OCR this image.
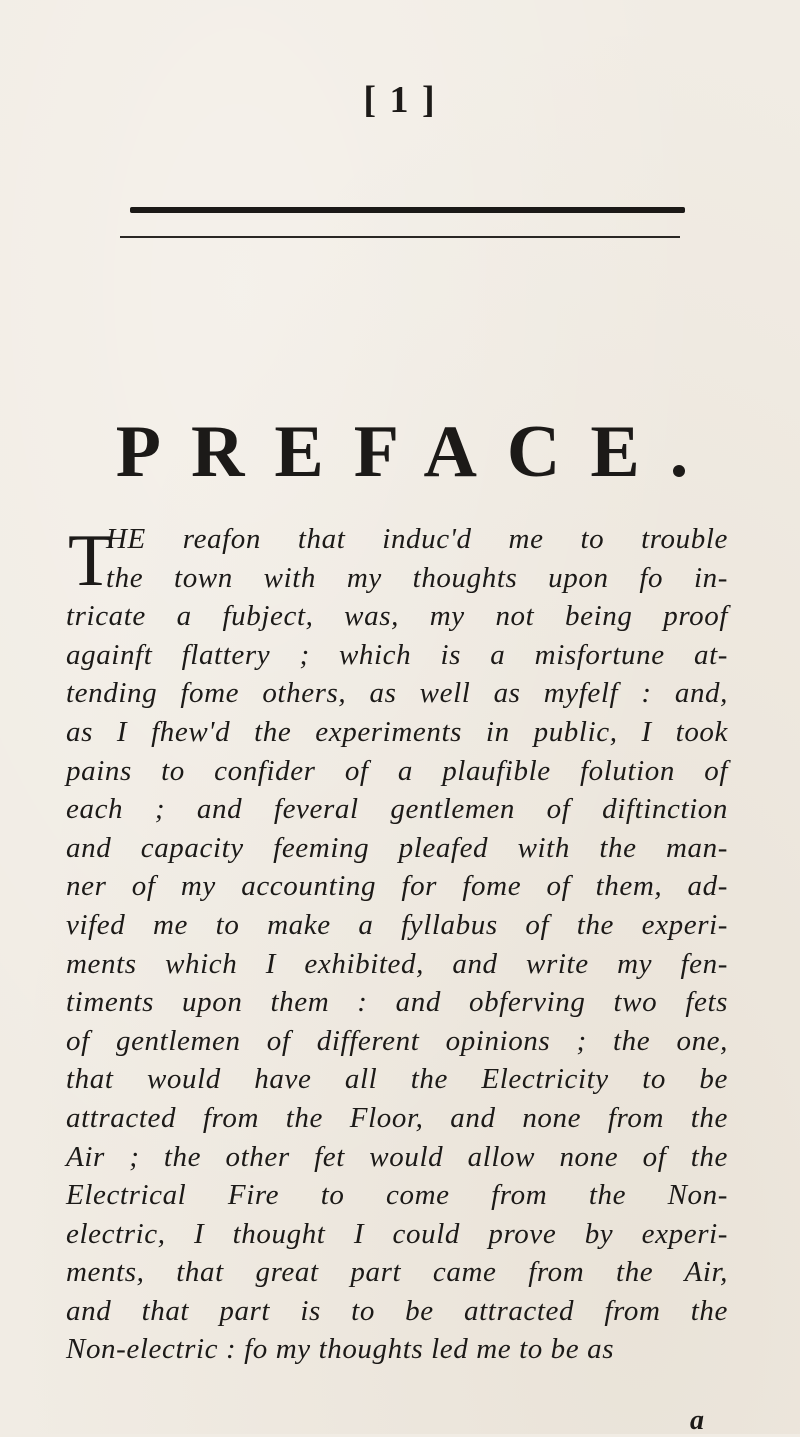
[ 1 ]
PREFACE.
T
HE reafon that induc'd me to trouble
the town with my thoughts upon fo in-
tricate a fubject, was, my not being proof
againft flattery ; which is a misfortune at-
tending fome others, as well as myfelf : and,
as I fhew'd the experiments in public, I took
pains to confider of a plaufible folution of
each ; and feveral gentlemen of diftinction
and capacity feeming pleafed with the man-
ner of my accounting for fome of them, ad-
vifed me to make a fyllabus of the experi-
ments which I exhibited, and write my fen-
timents upon them : and obferving two fets
of gentlemen of different opinions ; the one,
that would have all the Electricity to be
attracted from the Floor, and none from the
Air ; the other fet would allow none of the
Electrical Fire to come from the Non-
electric, I thought I could prove by experi-
ments, that great part came from the Air,
and that part is to be attracted from the
Non-electric : fo my thoughts led me to be as
a
